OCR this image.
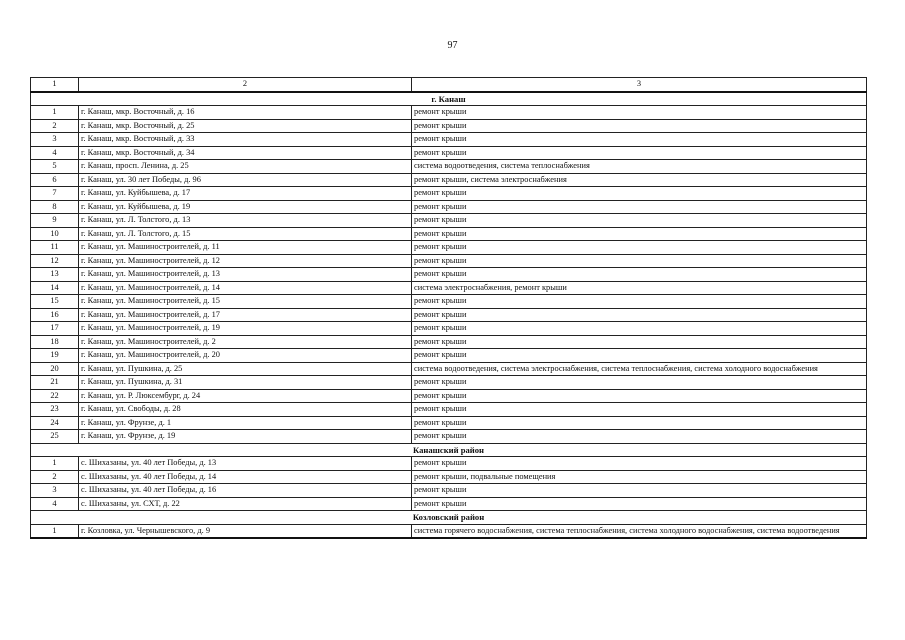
97
1	2	3
г. Канаш		
1	г. Канаш, мкр. Восточный, д. 16	ремонт крыши
2	г. Канаш, мкр. Восточный, д. 25	ремонт крыши
3	г. Канаш, мкр. Восточный, д. 33	ремонт крыши
4	г. Канаш, мкр. Восточный, д. 34	ремонт крыши
5	г. Канаш, просп. Ленина, д. 25	система водоотведения, система теплоснабжения
6	г. Канаш, ул. 30 лет Победы, д. 96	ремонт крыши, система электроснабжения
7	г. Канаш, ул. Куйбышева, д. 17	ремонт крыши
8	г. Канаш, ул. Куйбышева, д. 19	ремонт крыши
9	г. Канаш, ул. Л. Толстого, д. 13	ремонт крыши
10	г. Канаш, ул. Л. Толстого, д. 15	ремонт крыши
11	г. Канаш, ул. Машиностроителей, д. 11	ремонт крыши
12	г. Канаш, ул. Машиностроителей, д. 12	ремонт крыши
13	г. Канаш, ул. Машиностроителей, д. 13	ремонт крыши
14	г. Канаш, ул. Машиностроителей, д. 14	система электроснабжения, ремонт крыши
15	г. Канаш, ул. Машиностроителей, д. 15	ремонт крыши
16	г. Канаш, ул. Машиностроителей, д. 17	ремонт крыши
17	г. Канаш, ул. Машиностроителей, д. 19	ремонт крыши
18	г. Канаш, ул. Машиностроителей, д. 2	ремонт крыши
19	г. Канаш, ул. Машиностроителей, д. 20	ремонт крыши
20	г. Канаш, ул. Пушкина, д. 25	система водоотведения, система электроснабжения, система теплоснабжения, система холодного водоснабжения
21	г. Канаш, ул. Пушкина, д. 31	ремонт крыши
22	г. Канаш, ул. Р. Люксембург, д. 24	ремонт крыши
23	г. Канаш, ул. Свободы, д. 28	ремонт крыши
24	г. Канаш, ул. Фрунзе, д. 1	ремонт крыши
25	г. Канаш, ул. Фрунзе, д. 19	ремонт крыши
Канашский район		
1	с. Шихазаны, ул. 40 лет Победы, д. 13	ремонт крыши
2	с. Шихазаны, ул. 40 лет Победы, д. 14	ремонт крыши, подвальные помещения
3	с. Шихазаны, ул. 40 лет Победы, д. 16	ремонт крыши
4	с. Шихазаны, ул. СХТ, д. 22	ремонт крыши
Козловский район		
1	г. Козловка, ул. Чернышевского, д. 9	система горячего водоснабжения, система теплоснабжения, система холодного водоснабжения, система водоотведения
